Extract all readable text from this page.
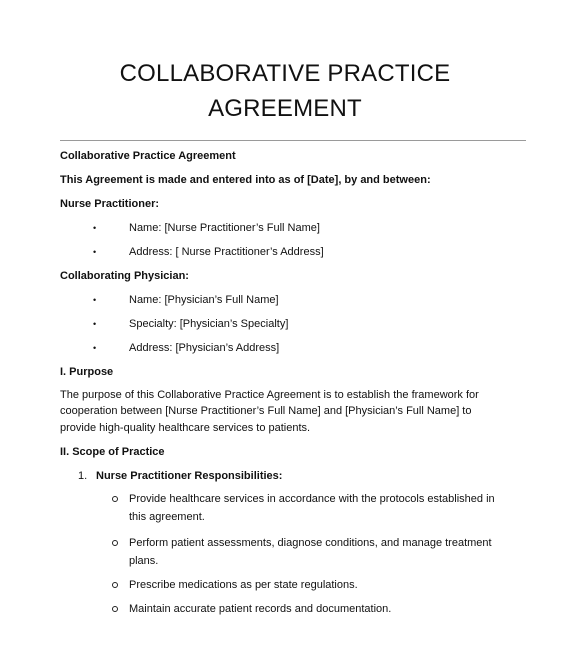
COLLABORATIVE PRACTICE
AGREEMENT
Collaborative Practice Agreement
This Agreement is made and entered into as of [Date], by and between:
Nurse Practitioner:
•	Name: [Nurse Practitioner’s Full Name]
•	Address: [ Nurse Practitioner’s Address]
Collaborating Physician:
•	Name: [Physician’s Full Name]
•	Specialty: [Physician’s Specialty]
•	Address: [Physician’s Address]
I. Purpose
The purpose of this Collaborative Practice Agreement is to establish the framework for
cooperation between [Nurse Practitioner’s Full Name] and [Physician’s Full Name] to
provide high-quality healthcare services to patients.
II. Scope of Practice
1. Nurse Practitioner Responsibilities:
Provide healthcare services in accordance with the protocols established in
this agreement.
Perform patient assessments, diagnose conditions, and manage treatment
plans.
Prescribe medications as per state regulations.
Maintain accurate patient records and documentation.
